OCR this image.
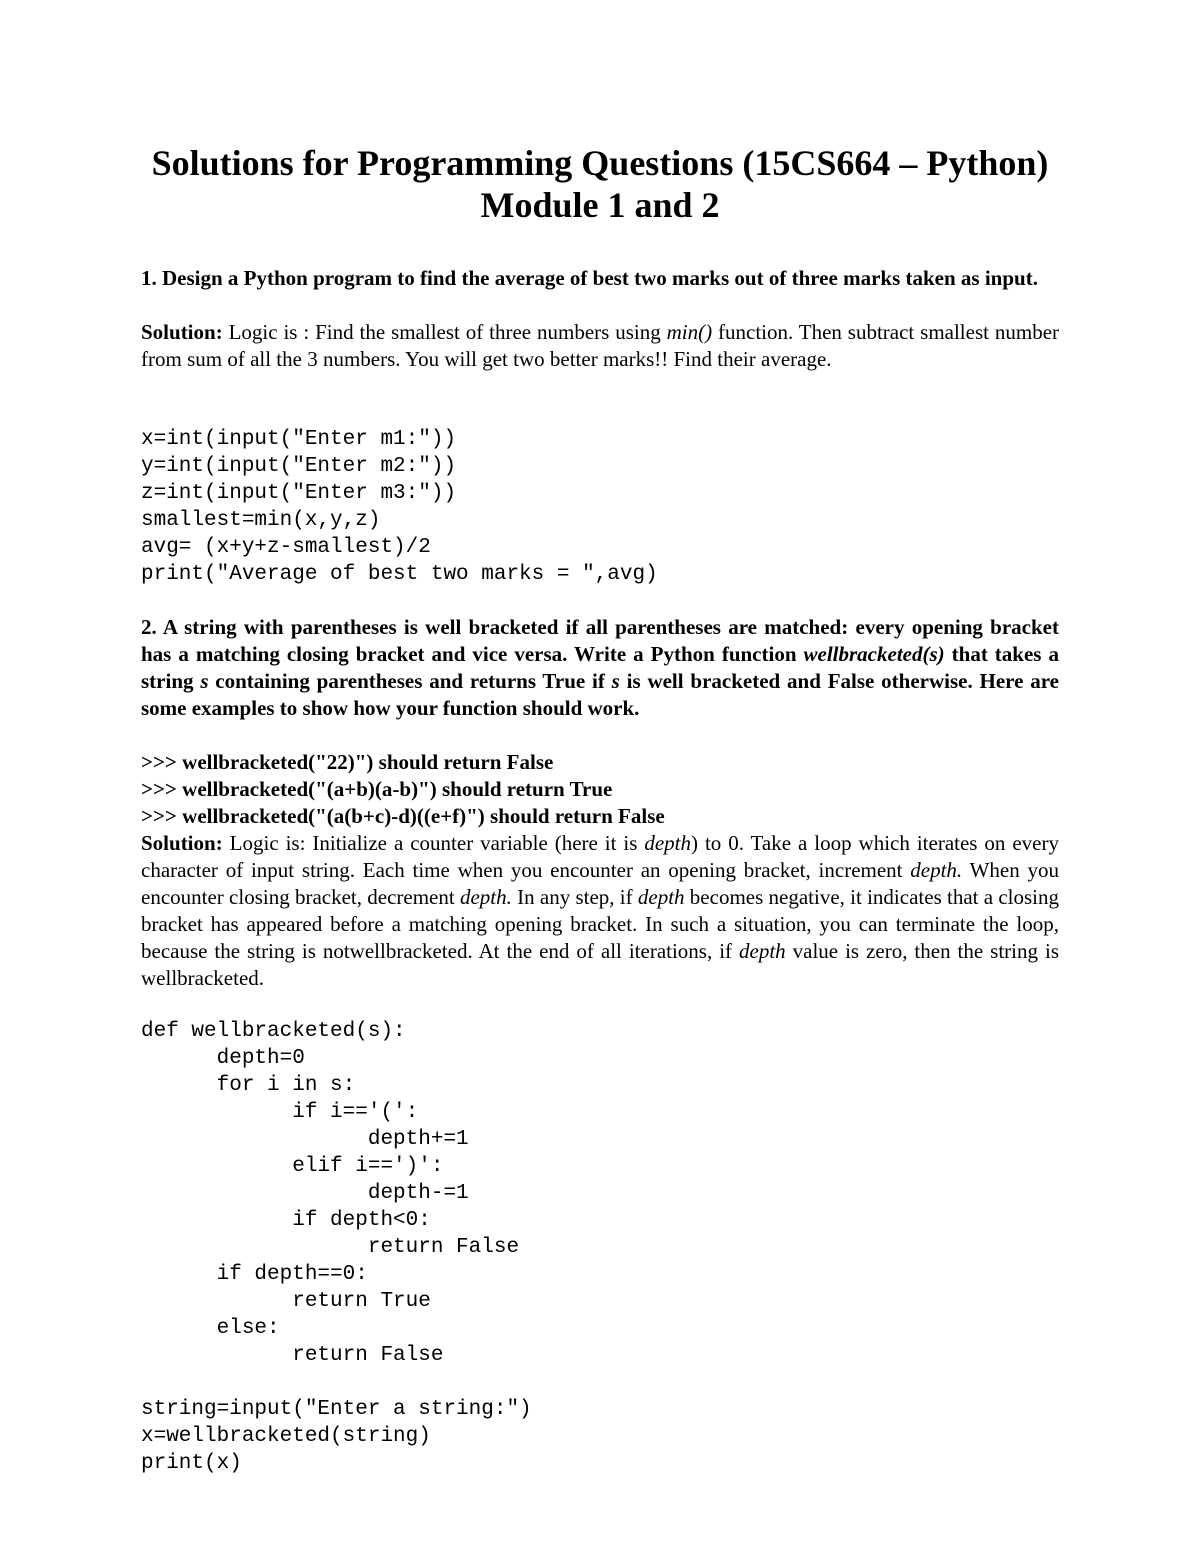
Solutions for Programming Questions (15CS664 – Python)
Module 1 and 2

1. Design a Python program to find the average of best two marks out of three marks taken as input.

Solution: Logic is : Find the smallest of three numbers using min() function. Then subtract smallest number from sum of all the 3 numbers. You will get two better marks!! Find their average.

x=int(input("Enter m1:"))
y=int(input("Enter m2:"))
z=int(input("Enter m3:"))
smallest=min(x,y,z)
avg= (x+y+z-smallest)/2
print("Average of best two marks = ",avg)

2. A string with parentheses is well bracketed if all parentheses are matched: every opening bracket has a matching closing bracket and vice versa. Write a Python function wellbracketed(s) that takes a string s containing parentheses and returns True if s is well bracketed and False otherwise. Here are some examples to show how your function should work.

>>> wellbracketed("22)") should return False
>>> wellbracketed("(a+b)(a-b)") should return True
>>> wellbracketed("(a(b+c)-d)((e+f)") should return False

Solution: Logic is: Initialize a counter variable (here it is depth) to 0. Take a loop which iterates on every character of input string. Each time when you encounter an opening bracket, increment depth. When you encounter closing bracket, decrement depth. In any step, if depth becomes negative, it indicates that a closing bracket has appeared before a matching opening bracket. In such a situation, you can terminate the loop, because the string is notwellbracketed. At the end of all iterations, if depth value is zero, then the string is wellbracketed.

def wellbracketed(s):
depth=0
for i in s:
if i=='(':
depth+=1
elif i==')':
depth-=1
if depth<0:
return False
if depth==0:
return True
else:
return False

string=input("Enter a string:")
x=wellbracketed(string)
print(x)
